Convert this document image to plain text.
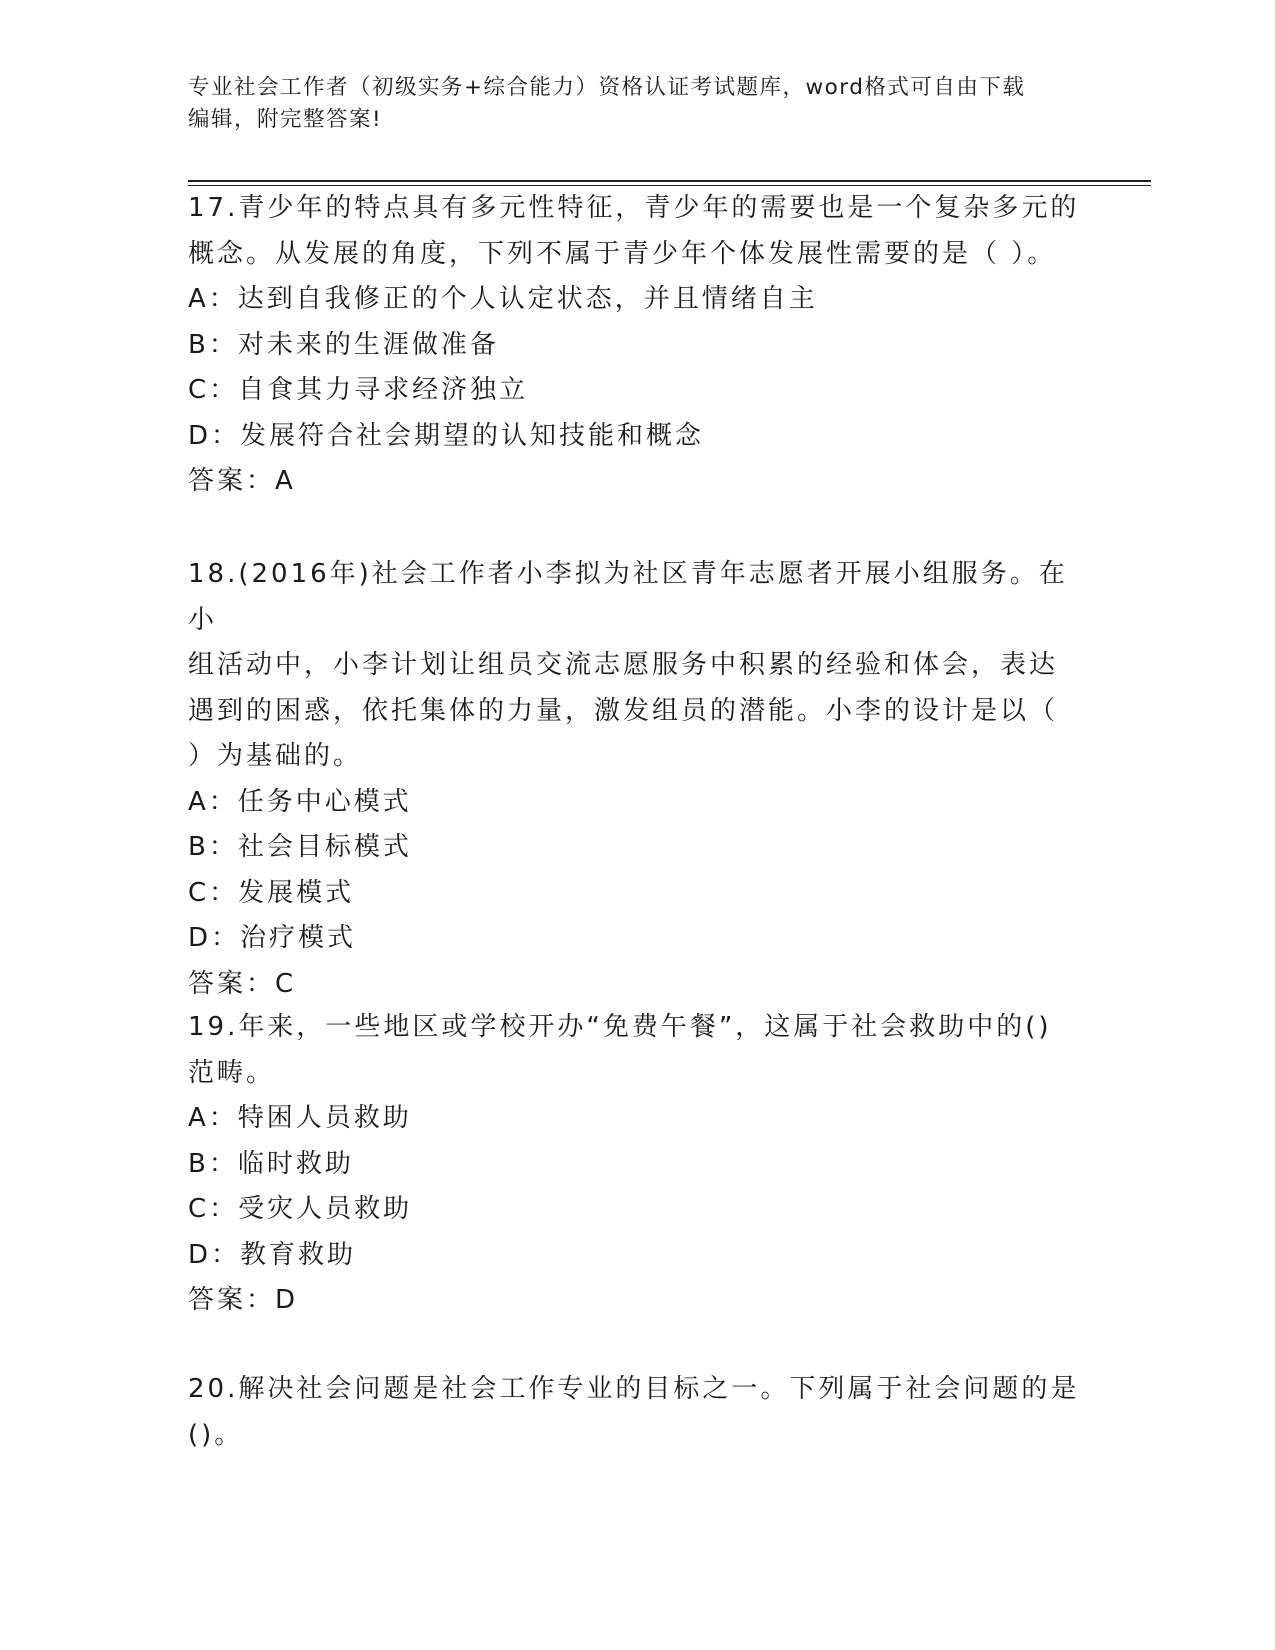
专业社会工作者（初级实务+综合能力）资格认证考试题库，word格式可自由下载
编辑，附完整答案!

17.青少年的特点具有多元性特征，青少年的需要也是一个复杂多元的

概念。从发展的角度，下列不属于青少年个体发展性需要的是（ ）。

A：达到自我修正的个人认定状态，并且情绪自主

B：对未来的生涯做准备

C：自食其力寻求经济独立

D：发展符合社会期望的认知技能和概念

答案：A

18.(2016年)社会工作者小李拟为社区青年志愿者开展小组服务。在小

组活动中，小李计划让组员交流志愿服务中积累的经验和体会，表达

遇到的困惑，依托集体的力量，激发组员的潜能。小李的设计是以（

）为基础的。

A：任务中心模式

B：社会目标模式

C：发展模式

D：治疗模式

答案：C

19.年来，一些地区或学校开办“免费午餐”，这属于社会救助中的()

范畴。

A：特困人员救助

B：临时救助

C：受灾人员救助

D：教育救助

答案：D

20.解决社会问题是社会工作专业的目标之一。下列属于社会问题的是

()。
